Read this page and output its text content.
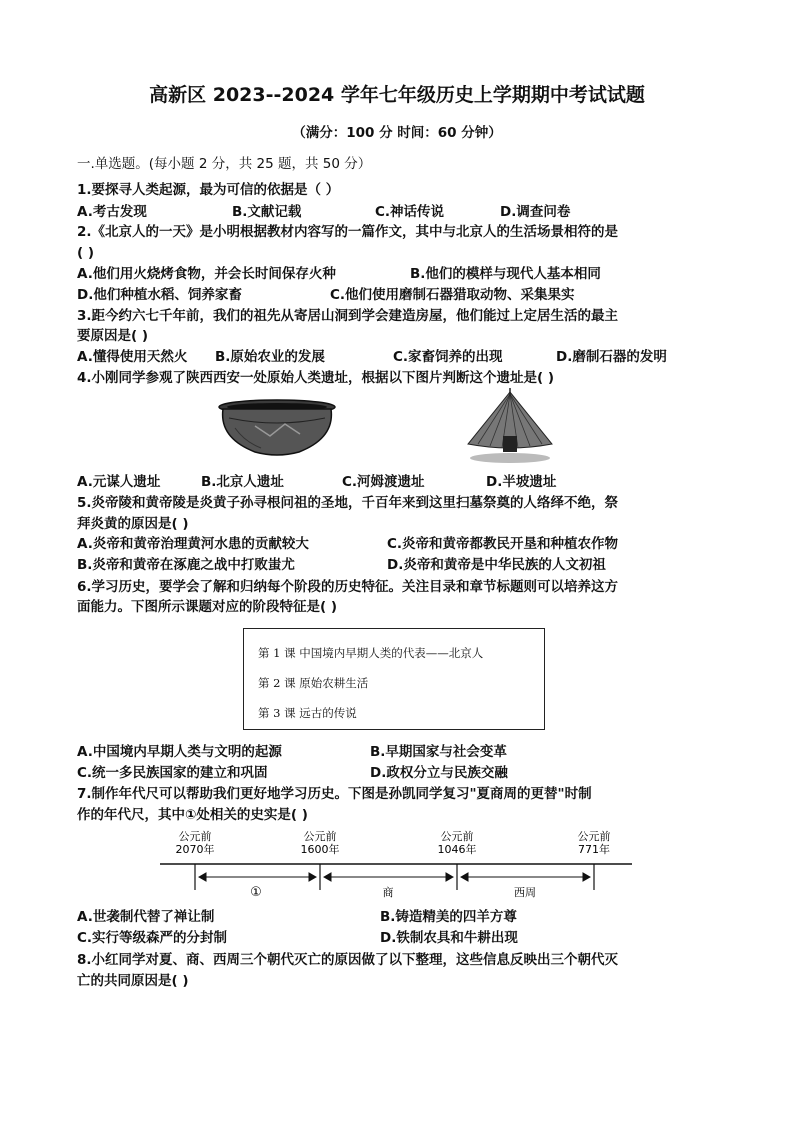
高新区 2023--2024 学年七年级历史上学期期中考试试题
（满分：100 分 时间：60 分钟）
一.单选题。(每小题 2 分，共 25 题，共 50 分）
1.要探寻人类起源，最为可信的依据是（ ）
A.考古发现	B.文献记载	C.神话传说	D.调查问卷
2.《北京人的一天》是小明根据教材内容写的一篇作文，其中与北京人的生活场景相符的是
( )
A.他们用火烧烤食物，并会长时间保存火种	B.他们的模样与现代人基本相同
D.他们种植水稻、饲养家畜	C.他们使用磨制石器猎取动物、采集果实
3.距今约六七千年前，我们的祖先从寄居山洞到学会建造房屋，他们能过上定居生活的最主
要原因是( )
A.懂得使用天然火 B.原始农业的发展	C.家畜饲养的出现	D.磨制石器的发明
4.小刚同学参观了陕西西安一处原始人类遗址，根据以下图片判断这个遗址是( )
A.元谋人遗址	B.北京人遗址	C.河姆渡遗址	D.半坡遗址
5.炎帝陵和黄帝陵是炎黄子孙寻根问祖的圣地，千百年来到这里扫墓祭奠的人络绎不绝，祭
拜炎黄的原因是( )
A.炎帝和黄帝治理黄河水患的贡献较大	C.炎帝和黄帝都教民开垦和种植农作物
B.炎帝和黄帝在涿鹿之战中打败蚩尤	D.炎帝和黄帝是中华民族的人文初祖
6.学习历史，要学会了解和归纳每个阶段的历史特征。关注目录和章节标题则可以培养这方
面能力。下图所示课题对应的阶段特征是( )
第 1 课 中国境内早期人类的代表——北京人
第 2 课 原始农耕生活
第 3 课 远古的传说
A.中国境内早期人类与文明的起源	B.早期国家与社会变革
C.统一多民族国家的建立和巩固	D.政权分立与民族交融
7.制作年代尺可以帮助我们更好地学习历史。下图是孙凯同学复习"夏商周的更替"时制
作的年代尺，其中①处相关的史实是( )
公元前
2070年
公元前
1600年
公元前
1046年
公元前
771年
①	商	西周
A.世袭制代替了禅让制	B.铸造精美的四羊方尊
C.实行等级森严的分封制	D.铁制农具和牛耕出现
8.小红同学对夏、商、西周三个朝代灭亡的原因做了以下整理，这些信息反映出三个朝代灭
亡的共同原因是( )
